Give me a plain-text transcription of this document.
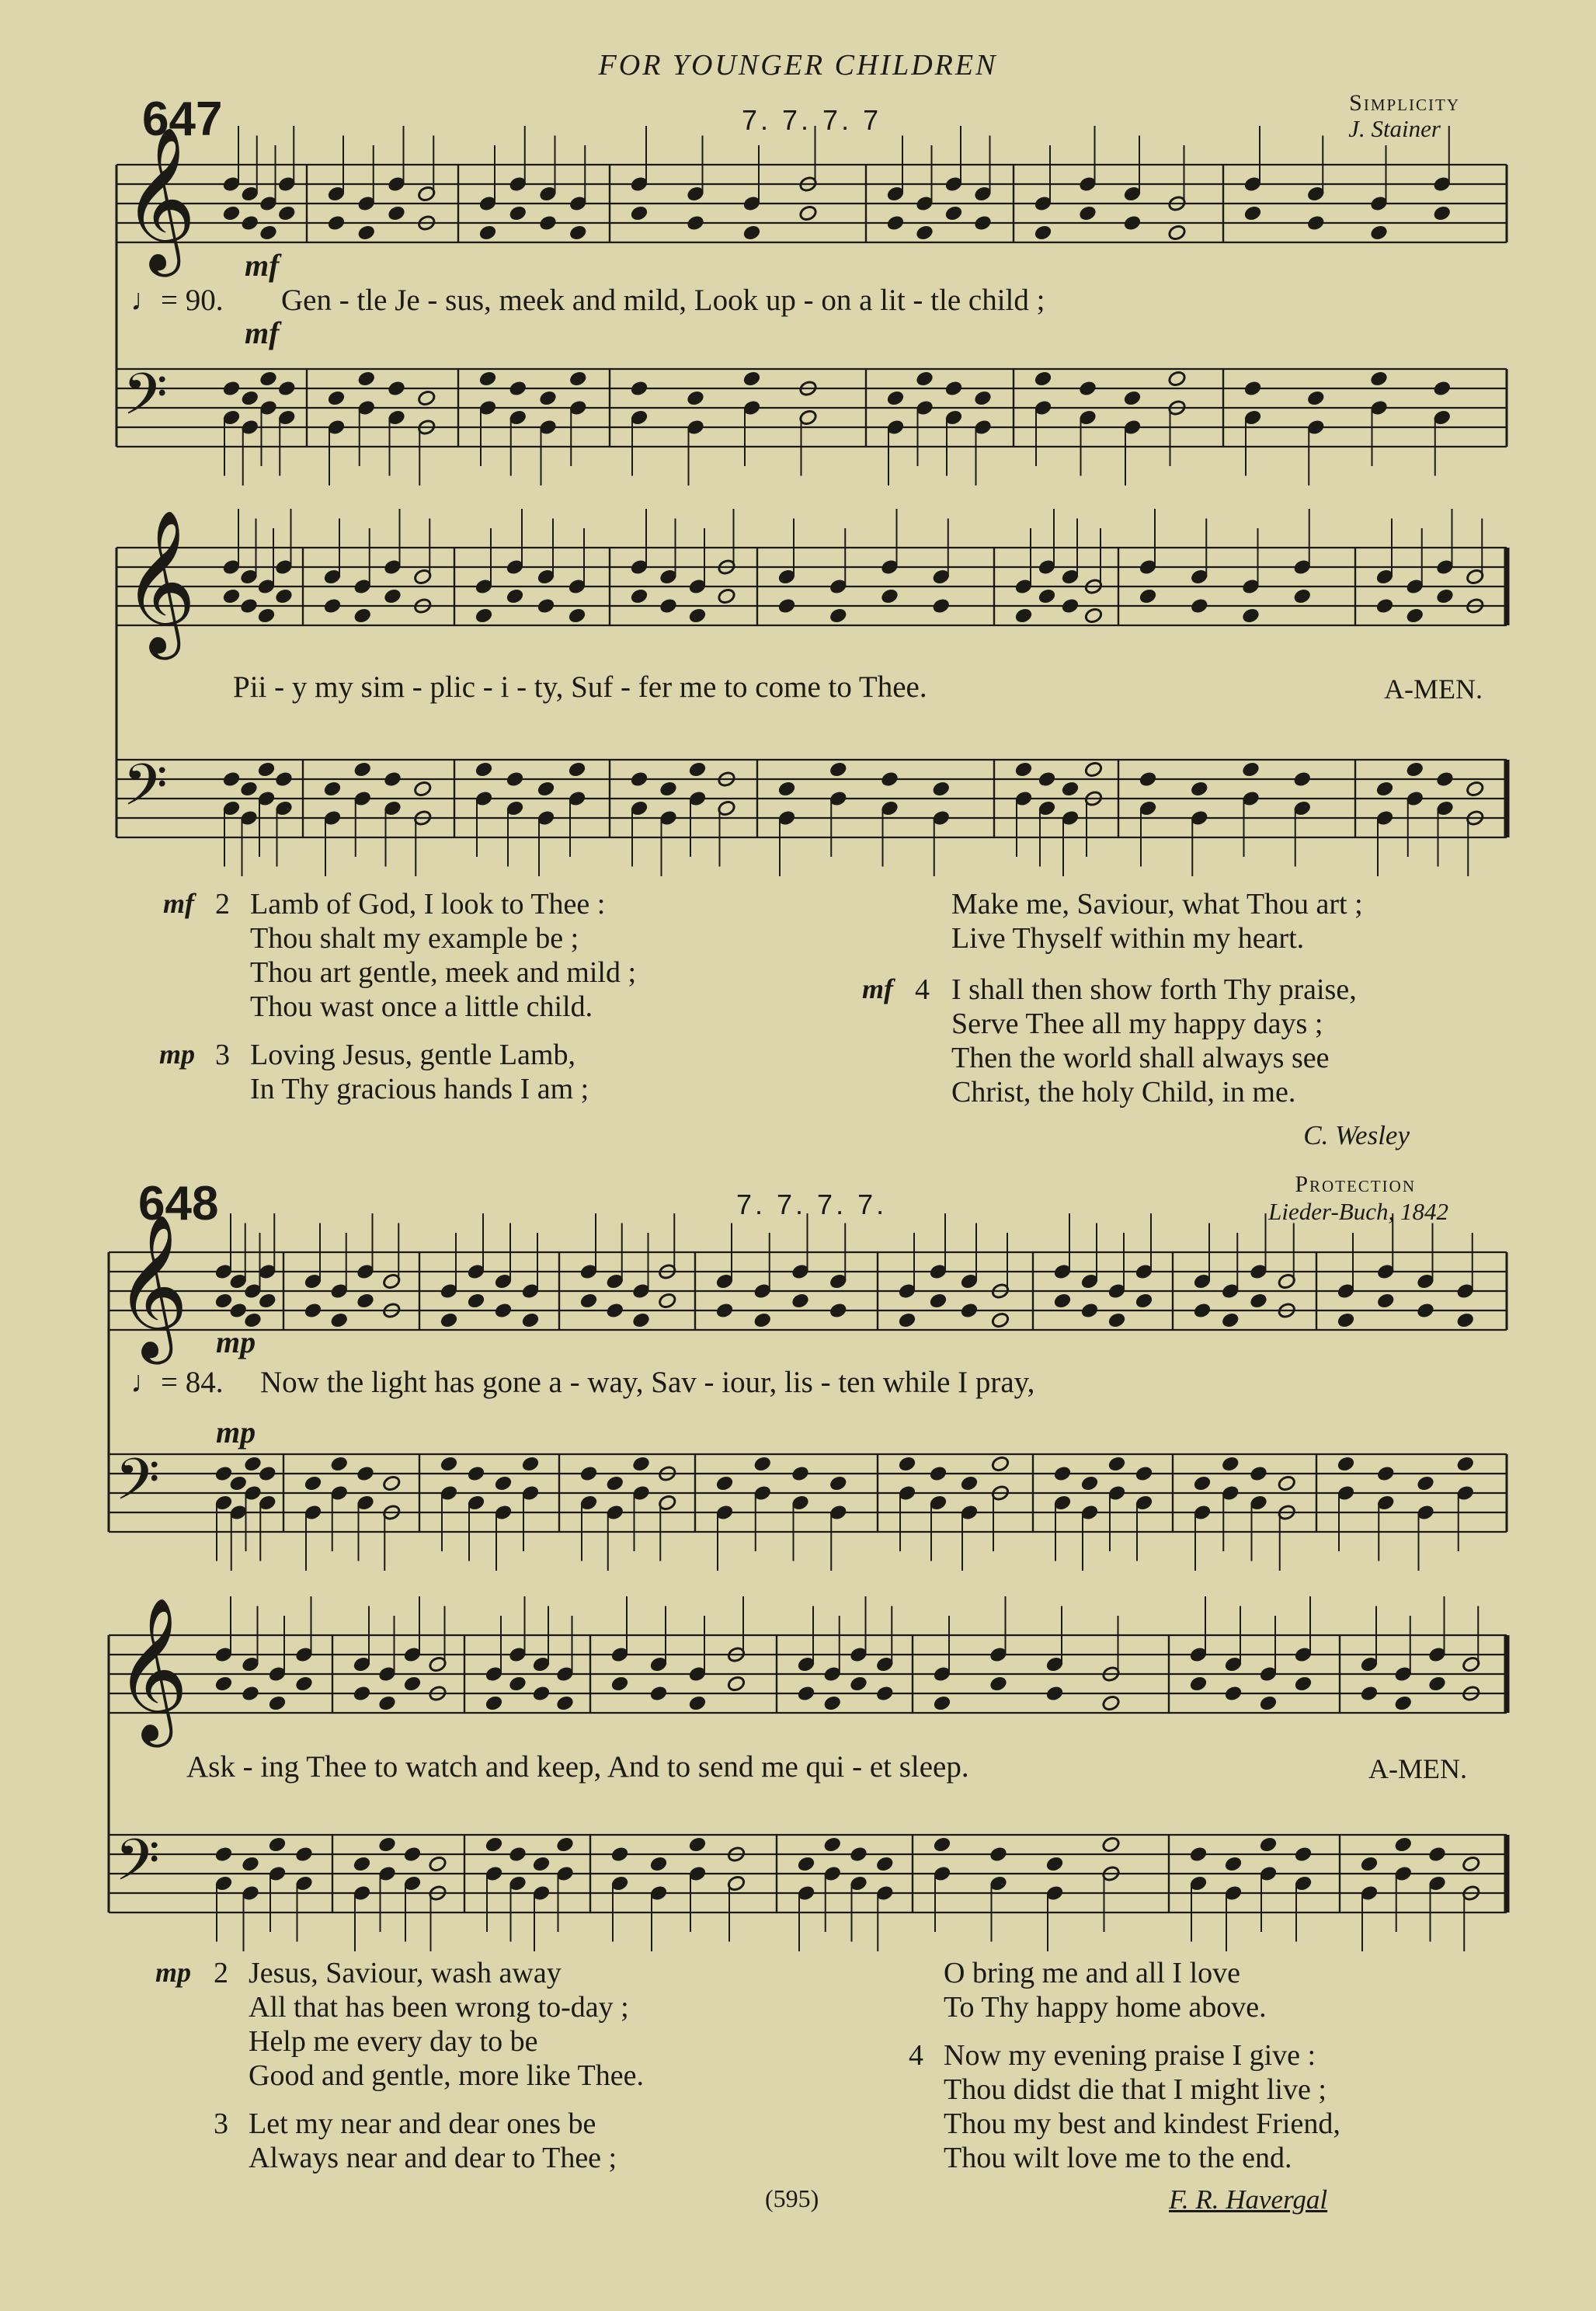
FOR YOUNGER CHILDREN
647	7. 7. 7. 7
Simplicity
J. Stainer
648	7. 7. 7. 7.
Protection
Lieder-Buch, 1842
𝄞
𝄢
𝄞
𝄢
𝄞
𝄢
𝄞
𝄢
mf
mf
♩= 90. Gen - tle Je - sus, meek and mild, Look up - on a lit - tle child ;
Pii - y my sim - plic - i - ty, Suf - fer me to come to Thee.	A-MEN.
mf 2 Lamb of God, I look to Thee :
Thou shalt my example be ;
Thou art gentle, meek and mild ;
Thou wast once a little child.
mp 3 Loving Jesus, gentle Lamb,
In Thy gracious hands I am ;
Make me, Saviour, what Thou art ;
Live Thyself within my heart.
mf 4 I shall then show forth Thy praise,
Serve Thee all my happy days ;
Then the world shall always see
Christ, the holy Child, in me.
C. Wesley
mp
mp
♩= 84. Now the light has gone a - way, Sav - iour, lis - ten while I pray,
Ask - ing Thee to watch and keep, And to send me qui - et sleep.	A-MEN.
mp 2 Jesus, Saviour, wash away
All that has been wrong to-day ;
Help me every day to be
Good and gentle, more like Thee.
3 Let my near and dear ones be
Always near and dear to Thee ;
O bring me and all I love
To Thy happy home above.
4 Now my evening praise I give :
Thou didst die that I might live ;
Thou my best and kindest Friend,
Thou wilt love me to the end.
F. R. Havergal
(595)
